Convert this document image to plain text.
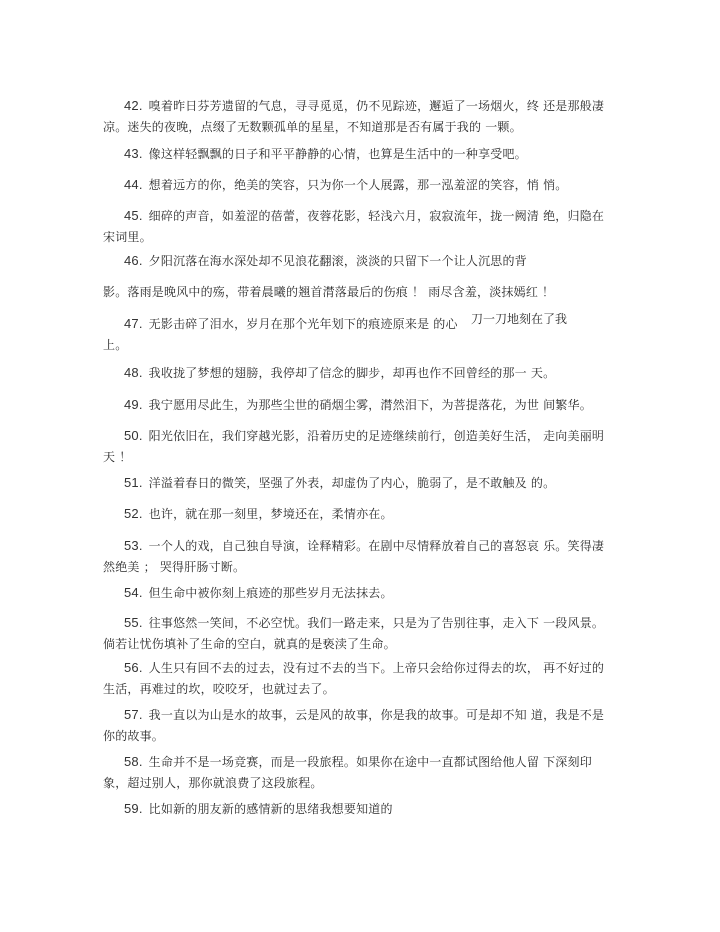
42. 嗅着昨日芬芳遗留的气息，寻寻觅觅，仍不见踪迹，邂逅了一场烟火，终 还是那般凄
凉。迷失的夜晚，点缀了无数颗孤单的星星，不知道那是否有属于我的 一颗。
43. 像这样轻飘飘的日子和平平静静的心情，也算是生活中的一种享受吧。
44. 想着远方的你，绝美的笑容，只为你一个人展露，那一泓羞涩的笑容，悄 悄。
45. 细碎的声音，如羞涩的蓓蕾，夜蓉花影，轻浅六月，寂寂流年，拢一阙清 绝，归隐在
宋词里。
46. 夕阳沉落在海水深处却不见浪花翻滚，淡淡的只留下一个让人沉思的背
影。落雨是晚风中的殇，带着晨曦的翘首潸落最后的伤痕 ！ 雨尽含羞，淡抹嫣红 ！
47. 无影击碎了泪水，岁月在那个光年划下的痕迹原来是 的心
上。
刀一刀地刻在了我
48. 我收拢了梦想的翅膀，我停却了信念的脚步，却再也作不回曾经的那一 天。
49. 我宁愿用尽此生，为那些尘世的硝烟尘雾，潸然泪下，为菩提落花，为世 间繁华。
50. 阳光依旧在，我们穿越光影，沿着历史的足迹继续前行，创造美好生活， 走向美丽明
天 ！
51. 洋溢着春日的微笑，坚强了外表，却虚伪了内心，脆弱了，是不敢触及 的。
52. 也许，就在那一刻里，梦境还在，柔情亦在。
53. 一个人的戏，自己独自导演，诠释精彩。在剧中尽情释放着自己的喜怒哀 乐。笑得凄
然绝美 ； 哭得肝肠寸断。
54. 但生命中被你刻上痕迹的那些岁月无法抹去。
55. 往事悠然一笑间，不必空忧。我们一路走来，只是为了告别往事，走入下 一段风景。
倘若让忧伤填补了生命的空白，就真的是亵渎了生命。
56. 人生只有回不去的过去，没有过不去的当下。上帝只会给你过得去的坎， 再不好过的
生活，再难过的坎，咬咬牙，也就过去了。
57. 我一直以为山是水的故事，云是风的故事，你是我的故事。可是却不知 道，我是不是
你的故事。
58. 生命并不是一场竞赛，而是一段旅程。如果你在途中一直都试图给他人留 下深刻印
象，超过别人，那你就浪费了这段旅程。
59. 比如新的朋友新的感情新的思绪我想要知道的
